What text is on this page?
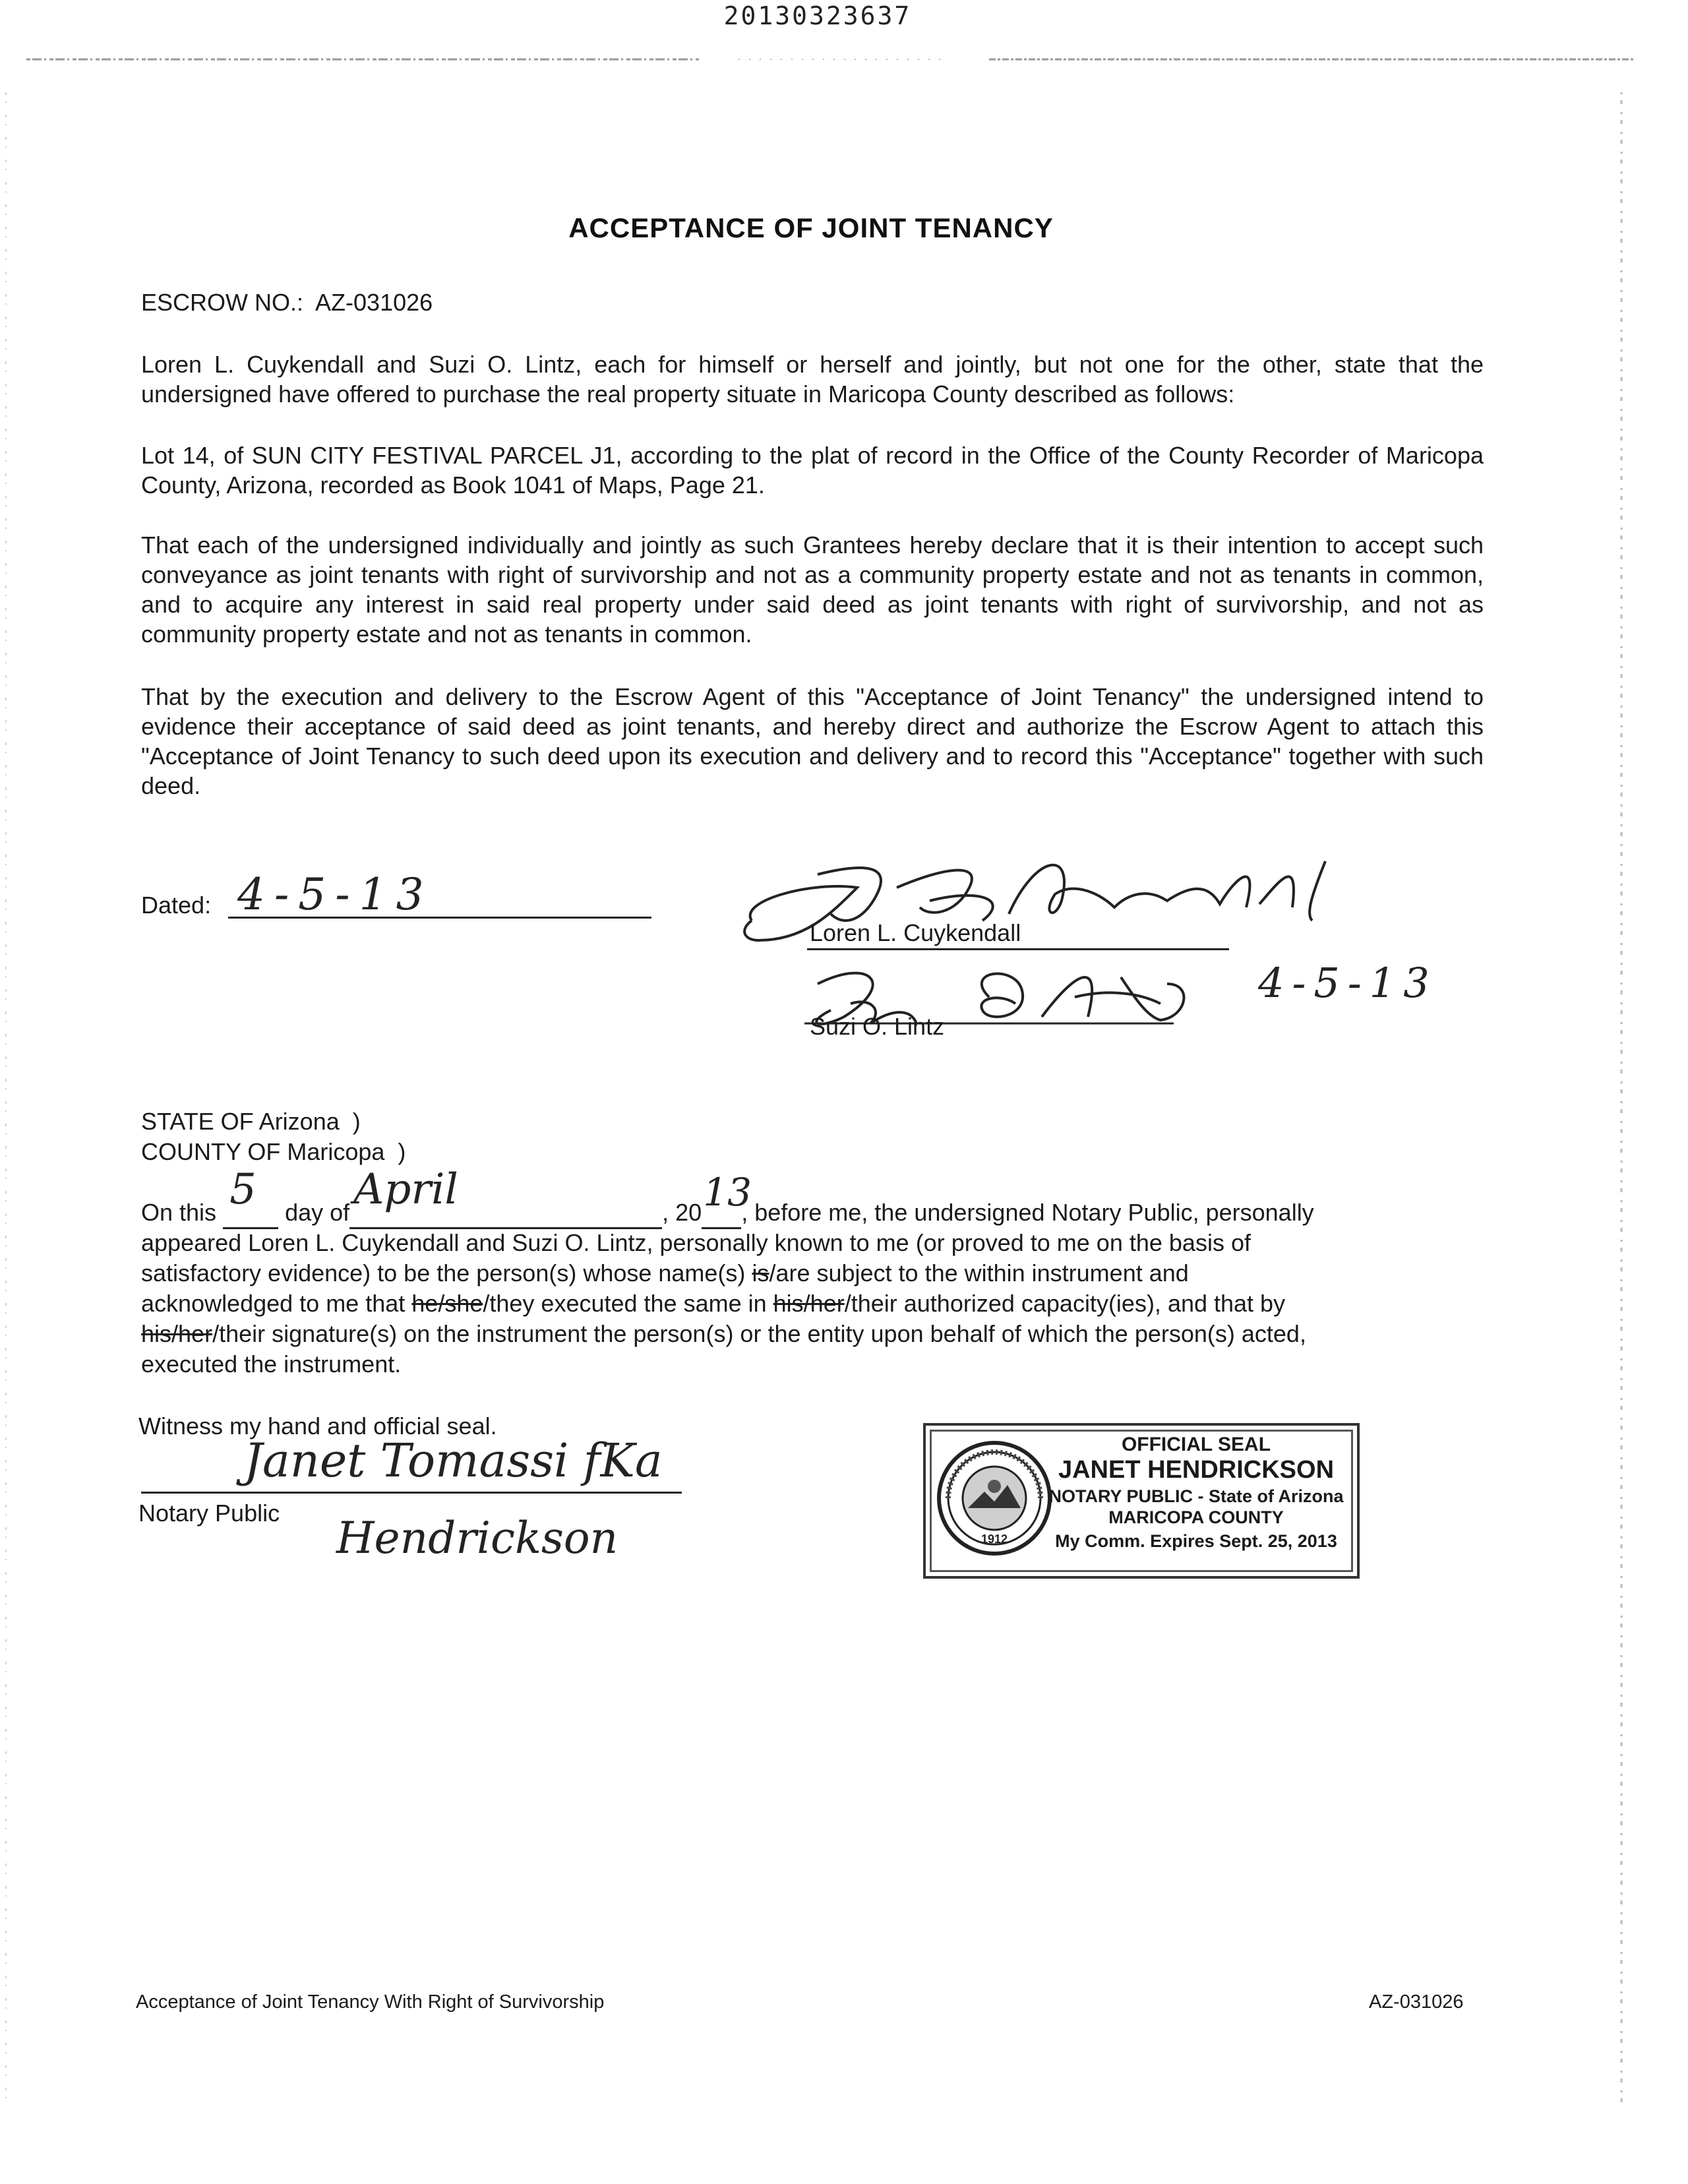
20130323637
ACCEPTANCE OF JOINT TENANCY
ESCROW NO.: AZ-031026
Loren L. Cuykendall and Suzi O. Lintz, each for himself or herself and jointly, but not one for the other, state that the undersigned have offered to purchase the real property situate in Maricopa County described as follows:
Lot 14, of SUN CITY FESTIVAL PARCEL J1, according to the plat of record in the Office of the County Recorder of Maricopa County, Arizona, recorded as Book 1041 of Maps, Page 21.
That each of the undersigned individually and jointly as such Grantees hereby declare that it is their intention to accept such conveyance as joint tenants with right of survivorship and not as a community property estate and not as tenants in common, and to acquire any interest in said real property under said deed as joint tenants with right of survivorship, and not as community property estate and not as tenants in common.
That by the execution and delivery to the Escrow Agent of this "Acceptance of Joint Tenancy" the undersigned intend to evidence their acceptance of said deed as joint tenants, and hereby direct and authorize the Escrow Agent to attach this "Acceptance of Joint Tenancy to such deed upon its execution and delivery and to record this "Acceptance" together with such deed.
Dated: 4-5-13
Loren L. Cuykendall
Loren L. Cuykendall
Suzi O. Lintz 4-5-13
Suzi O. Lintz
STATE OF Arizona )
COUNTY OF Maricopa )
On this 5 day of April	, 20 13
, before me, the undersigned Notary Public, personally
appeared Loren L. Cuykendall and Suzi O. Lintz, personally known to me (or proved to me on the basis of
satisfactory evidence) to be the person(s) whose name(s) is/are subject to the within instrument and
acknowledged to me that he/she/they executed the same in his/her/their authorized capacity(ies), and that by
his/her/their signature(s) on the instrument the person(s) or the entity upon behalf of which the person(s) acted,
executed the instrument.
Witness my hand and official seal.
Notary Public
Janet Tomassi fKa
Hendrickson	1912
OFFICIAL SEAL
JANET HENDRICKSON
NOTARY PUBLIC - State of Arizona
MARICOPA COUNTY
My Comm. Expires Sept. 25, 2013
Acceptance of Joint Tenancy With Right of Survivorship	AZ-031026
